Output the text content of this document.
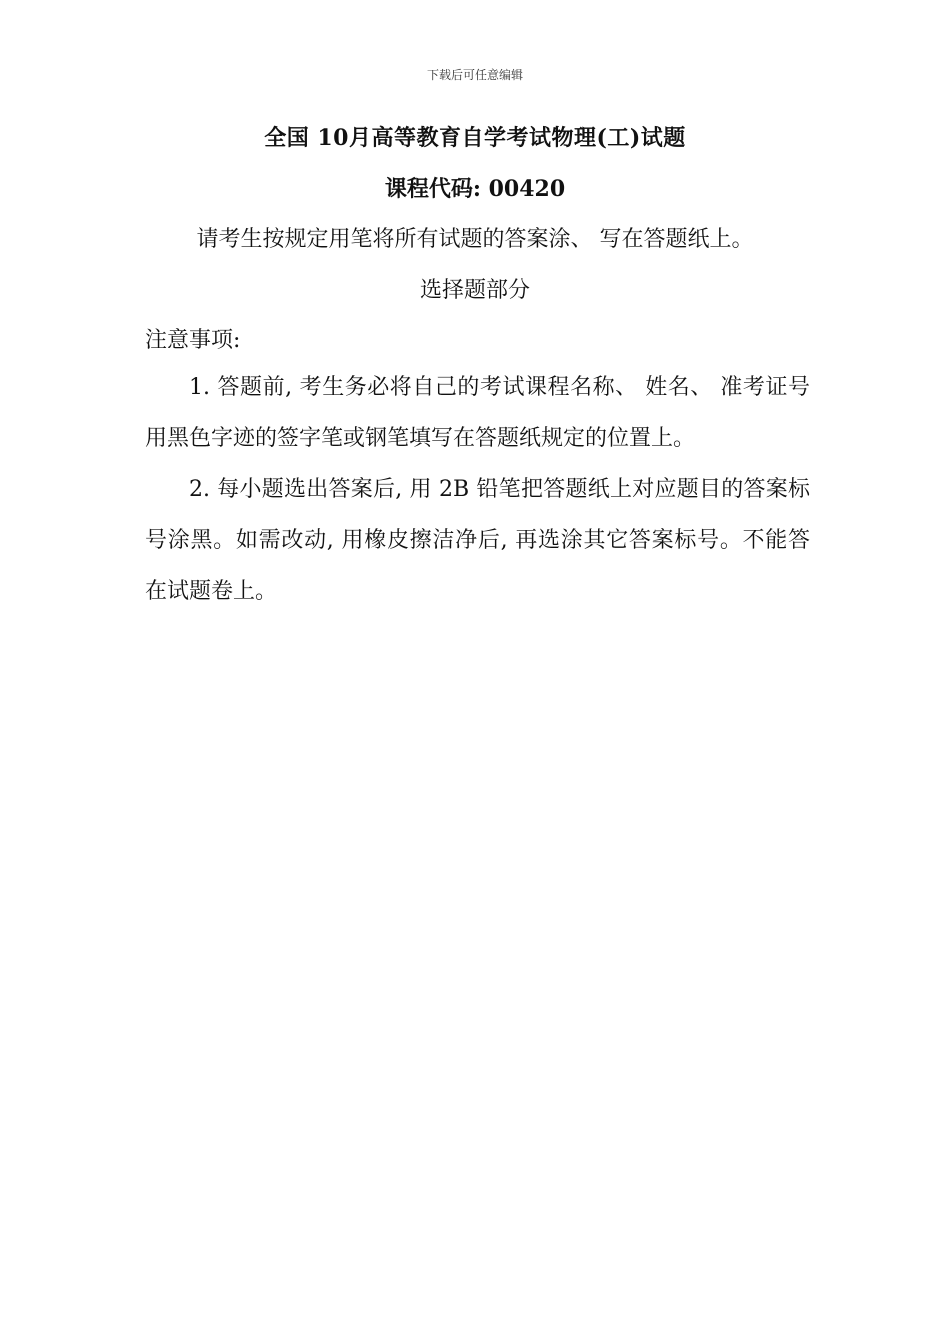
下载后可任意编辑
全国 10月高等教育自学考试物理(工)试题
课程代码: 00420
请考生按规定用笔将所有试题的答案涂、 写在答题纸上。
选择题部分
注意事项:
1. 答题前, 考生务必将自己的考试课程名称、 姓名、 准考证号用黑色字迹的签字笔或钢笔填写在答题纸规定的位置上。
2. 每小题选出答案后, 用 2B 铅笔把答题纸上对应题目的答案标号涂黑。如需改动, 用橡皮擦洁净后, 再选涂其它答案标号。不能答在试题卷上。
